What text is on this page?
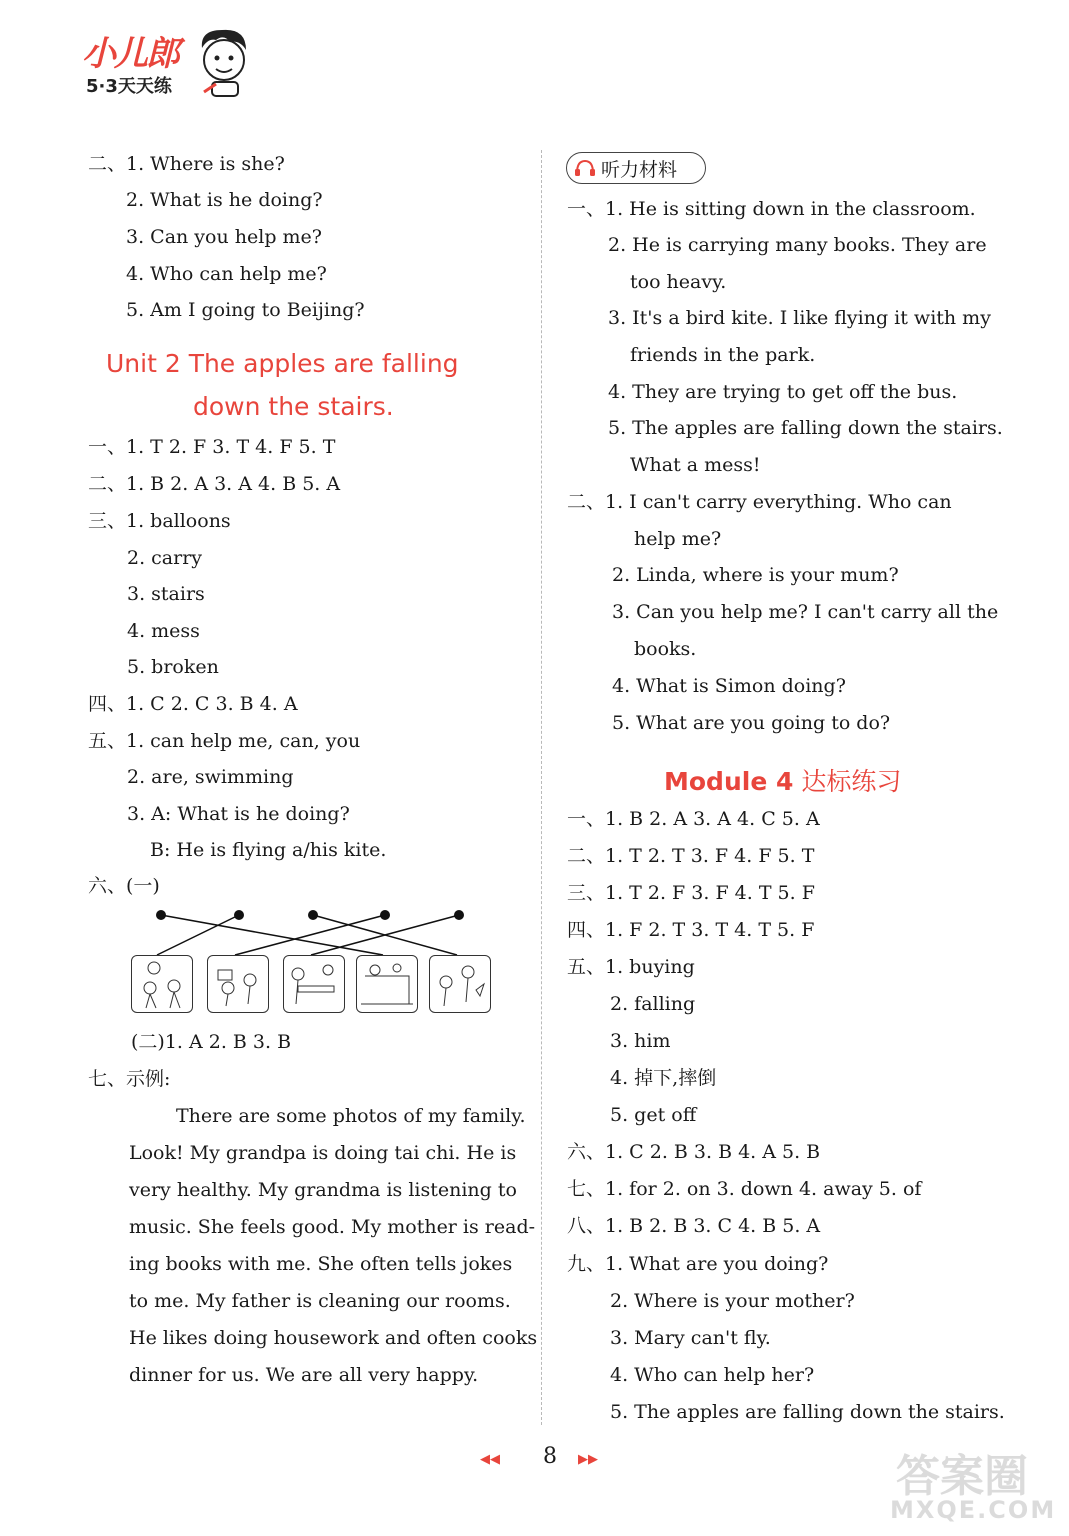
小儿郎
5·3天天练
二、1. Where is she?
2. What is he doing?
3. Can you help me?
4. Who can help me?
5. Am I going to Beijing?
Unit 2 The apples are falling
down the stairs.
一、1. T 2. F 3. T 4. F 5. T
二、1. B 2. A 3. A 4. B 5. A
三、1. balloons
2. carry
3. stairs
4. mess
5. broken
四、1. C 2. C 3. B 4. A
五、1. can help me, can, you
2. are, swimming
3. A: What is he doing?
B: He is flying a/his kite.
六、(一)
(二)1. A 2. B 3. B
七、示例:
There are some photos of my family.
Look! My grandpa is doing tai chi. He is
very healthy. My grandma is listening to
music. She feels good. My mother is read-
ing books with me. She often tells jokes
to me. My father is cleaning our rooms.
He likes doing housework and often cooks
dinner for us. We are all very happy.
听力材料
一、1. He is sitting down in the classroom.
2. He is carrying many books. They are
too heavy.
3. It's a bird kite. I like flying it with my
friends in the park.
4. They are trying to get off the bus.
5. The apples are falling down the stairs.
What a mess!
二、1. I can't carry everything. Who can
help me?
2. Linda, where is your mum?
3. Can you help me? I can't carry all the
books.
4. What is Simon doing?
5. What are you going to do?
Module 4 达标练习
一、1. B 2. A 3. A 4. C 5. A
二、1. T 2. T 3. F 4. F 5. T
三、1. T 2. F 3. F 4. T 5. F
四、1. F 2. T 3. T 4. T 5. F
五、1. buying
2. falling
3. him
4. 掉下,摔倒
5. get off
六、1. C 2. B 3. B 4. A 5. B
七、1. for 2. on 3. down 4. away 5. of
八、1. B 2. B 3. C 4. B 5. A
九、1. What are you doing?
2. Where is your mother?
3. Mary can't fly.
4. Who can help her?
5. The apples are falling down the stairs.
◀◀	8	▶▶	答案圈
MXQE.COM
